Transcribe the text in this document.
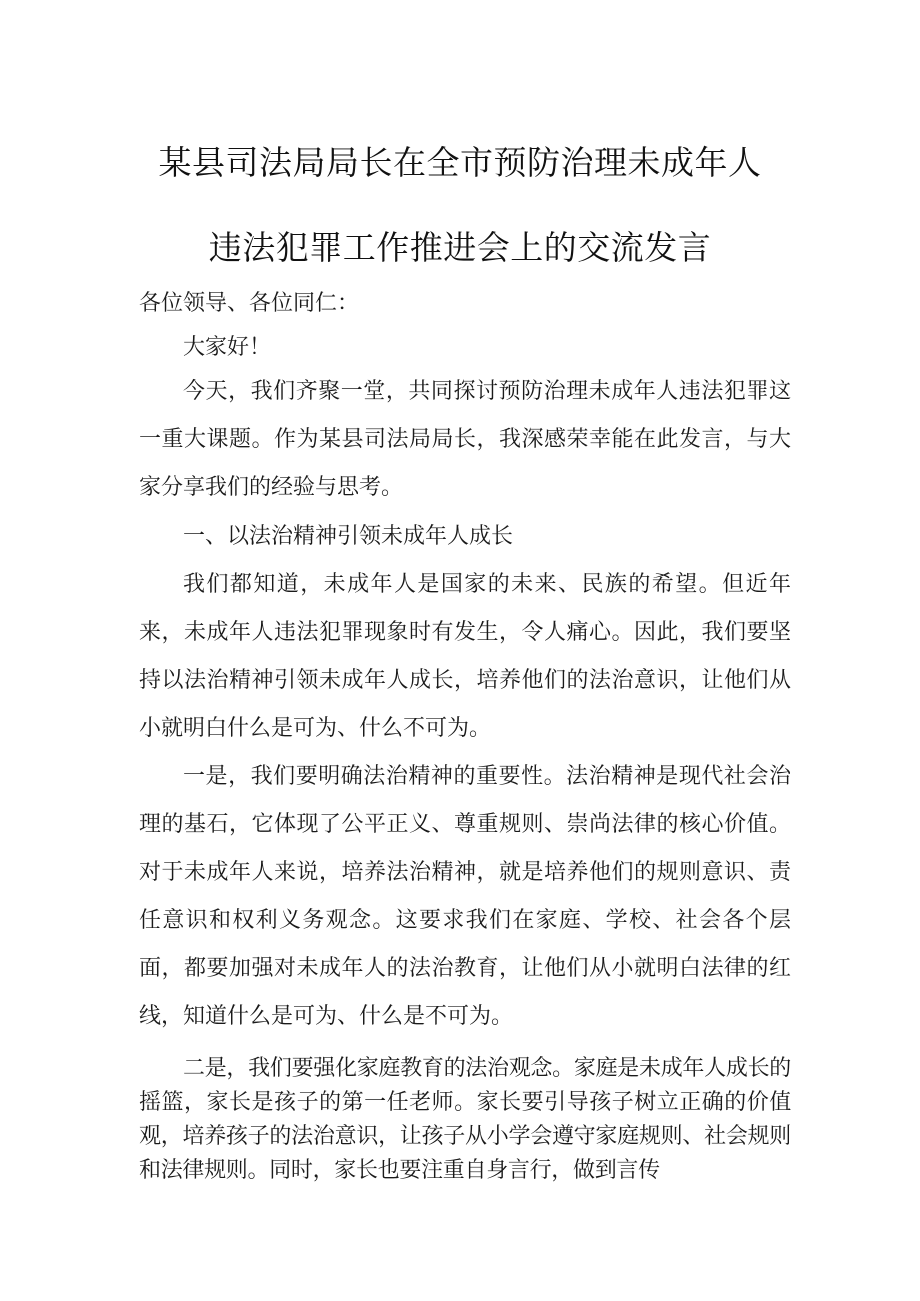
某县司法局局长在全市预防治理未成年人
违法犯罪工作推进会上的交流发言
各位领导、各位同仁：

大家好！

今天，我们齐聚一堂，共同探讨预防治理未成年人违法犯罪这一重大课题。作为某县司法局局长，我深感荣幸能在此发言，与大家分享我们的经验与思考。

一、以法治精神引领未成年人成长

我们都知道，未成年人是国家的未来、民族的希望。但近年来，未成年人违法犯罪现象时有发生，令人痛心。因此，我们要坚持以法治精神引领未成年人成长，培养他们的法治意识，让他们从小就明白什么是可为、什么不可为。

一是，我们要明确法治精神的重要性。法治精神是现代社会治理的基石，它体现了公平正义、尊重规则、崇尚法律的核心价值。对于未成年人来说，培养法治精神，就是培养他们的规则意识、责任意识和权利义务观念。这要求我们在家庭、学校、社会各个层面，都要加强对未成年人的法治教育，让他们从小就明白法律的红线，知道什么是可为、什么是不可为。

二是，我们要强化家庭教育的法治观念。家庭是未成年人成长的摇篮，家长是孩子的第一任老师。家长要引导孩子树立正确的价值观，培养孩子的法治意识，让孩子从小学会遵守家庭规则、社会规则和法律规则。同时，家长也要注重自身言行，做到言传
